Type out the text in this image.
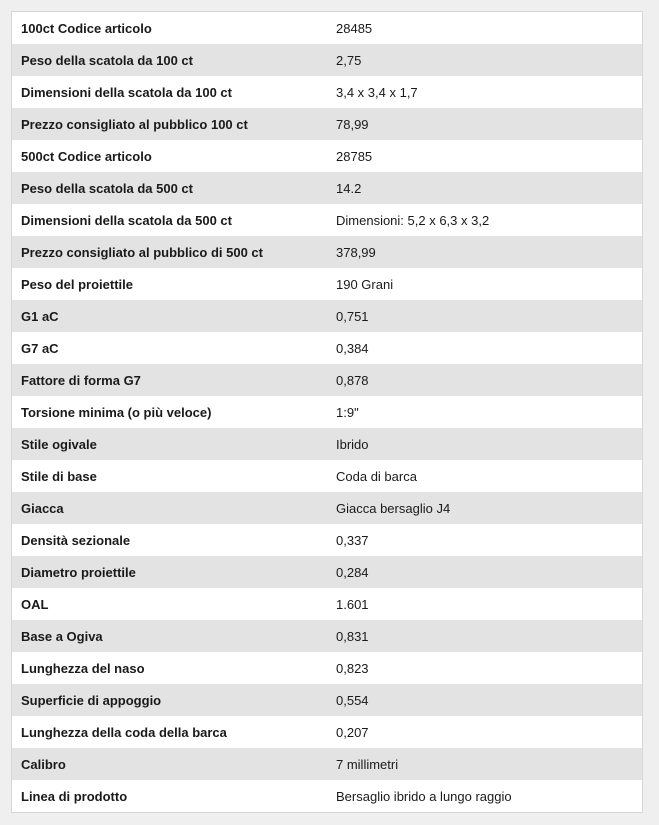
100ct Codice articolo	28485
Peso della scatola da 100 ct	2,75
Dimensioni della scatola da 100 ct	3,4 x 3,4 x 1,7
Prezzo consigliato al pubblico 100 ct	78,99
500ct Codice articolo	28785
Peso della scatola da 500 ct	14.2
Dimensioni della scatola da 500 ct	Dimensioni: 5,2 x 6,3 x 3,2
Prezzo consigliato al pubblico di 500 ct	378,99
Peso del proiettile	190 Grani
G1 aC	0,751
G7 aC	0,384
Fattore di forma G7	0,878
Torsione minima (o più veloce)	1:9"
Stile ogivale	Ibrido
Stile di base	Coda di barca
Giacca	Giacca bersaglio J4
Densità sezionale	0,337
Diametro proiettile	0,284
OAL	1.601
Base a Ogiva	0,831
Lunghezza del naso	0,823
Superficie di appoggio	0,554
Lunghezza della coda della barca	0,207
Calibro	7 millimetri
Linea di prodotto	Bersaglio ibrido a lungo raggio
